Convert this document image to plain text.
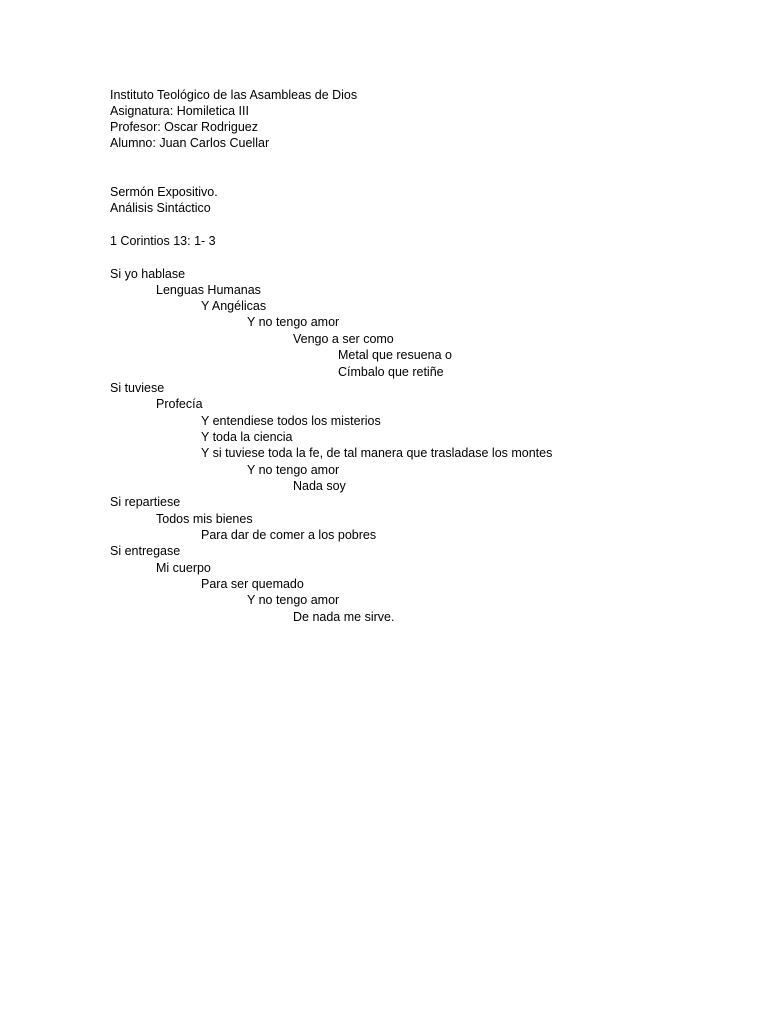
Instituto Teológico de las Asambleas de Dios
Asignatura: Homiletica III
Profesor: Oscar Rodriguez
Alumno: Juan Carlos Cuellar
Sermón Expositivo.
Análisis Sintáctico
1 Corintios 13: 1- 3
Si yo hablase
Lenguas Humanas
Y Angélicas
Y no tengo amor
Vengo a ser como
Metal que resuena o
Címbalo que retiñe
Si tuviese
Profecía
Y entendiese todos los misterios
Y toda la ciencia
Y si tuviese toda la fe, de tal manera que trasladase los montes
Y no tengo amor
Nada soy
Si repartiese
Todos mis bienes
Para dar de comer a los pobres
Si entregase
Mi cuerpo
Para ser quemado
Y no tengo amor
De nada me sirve.
